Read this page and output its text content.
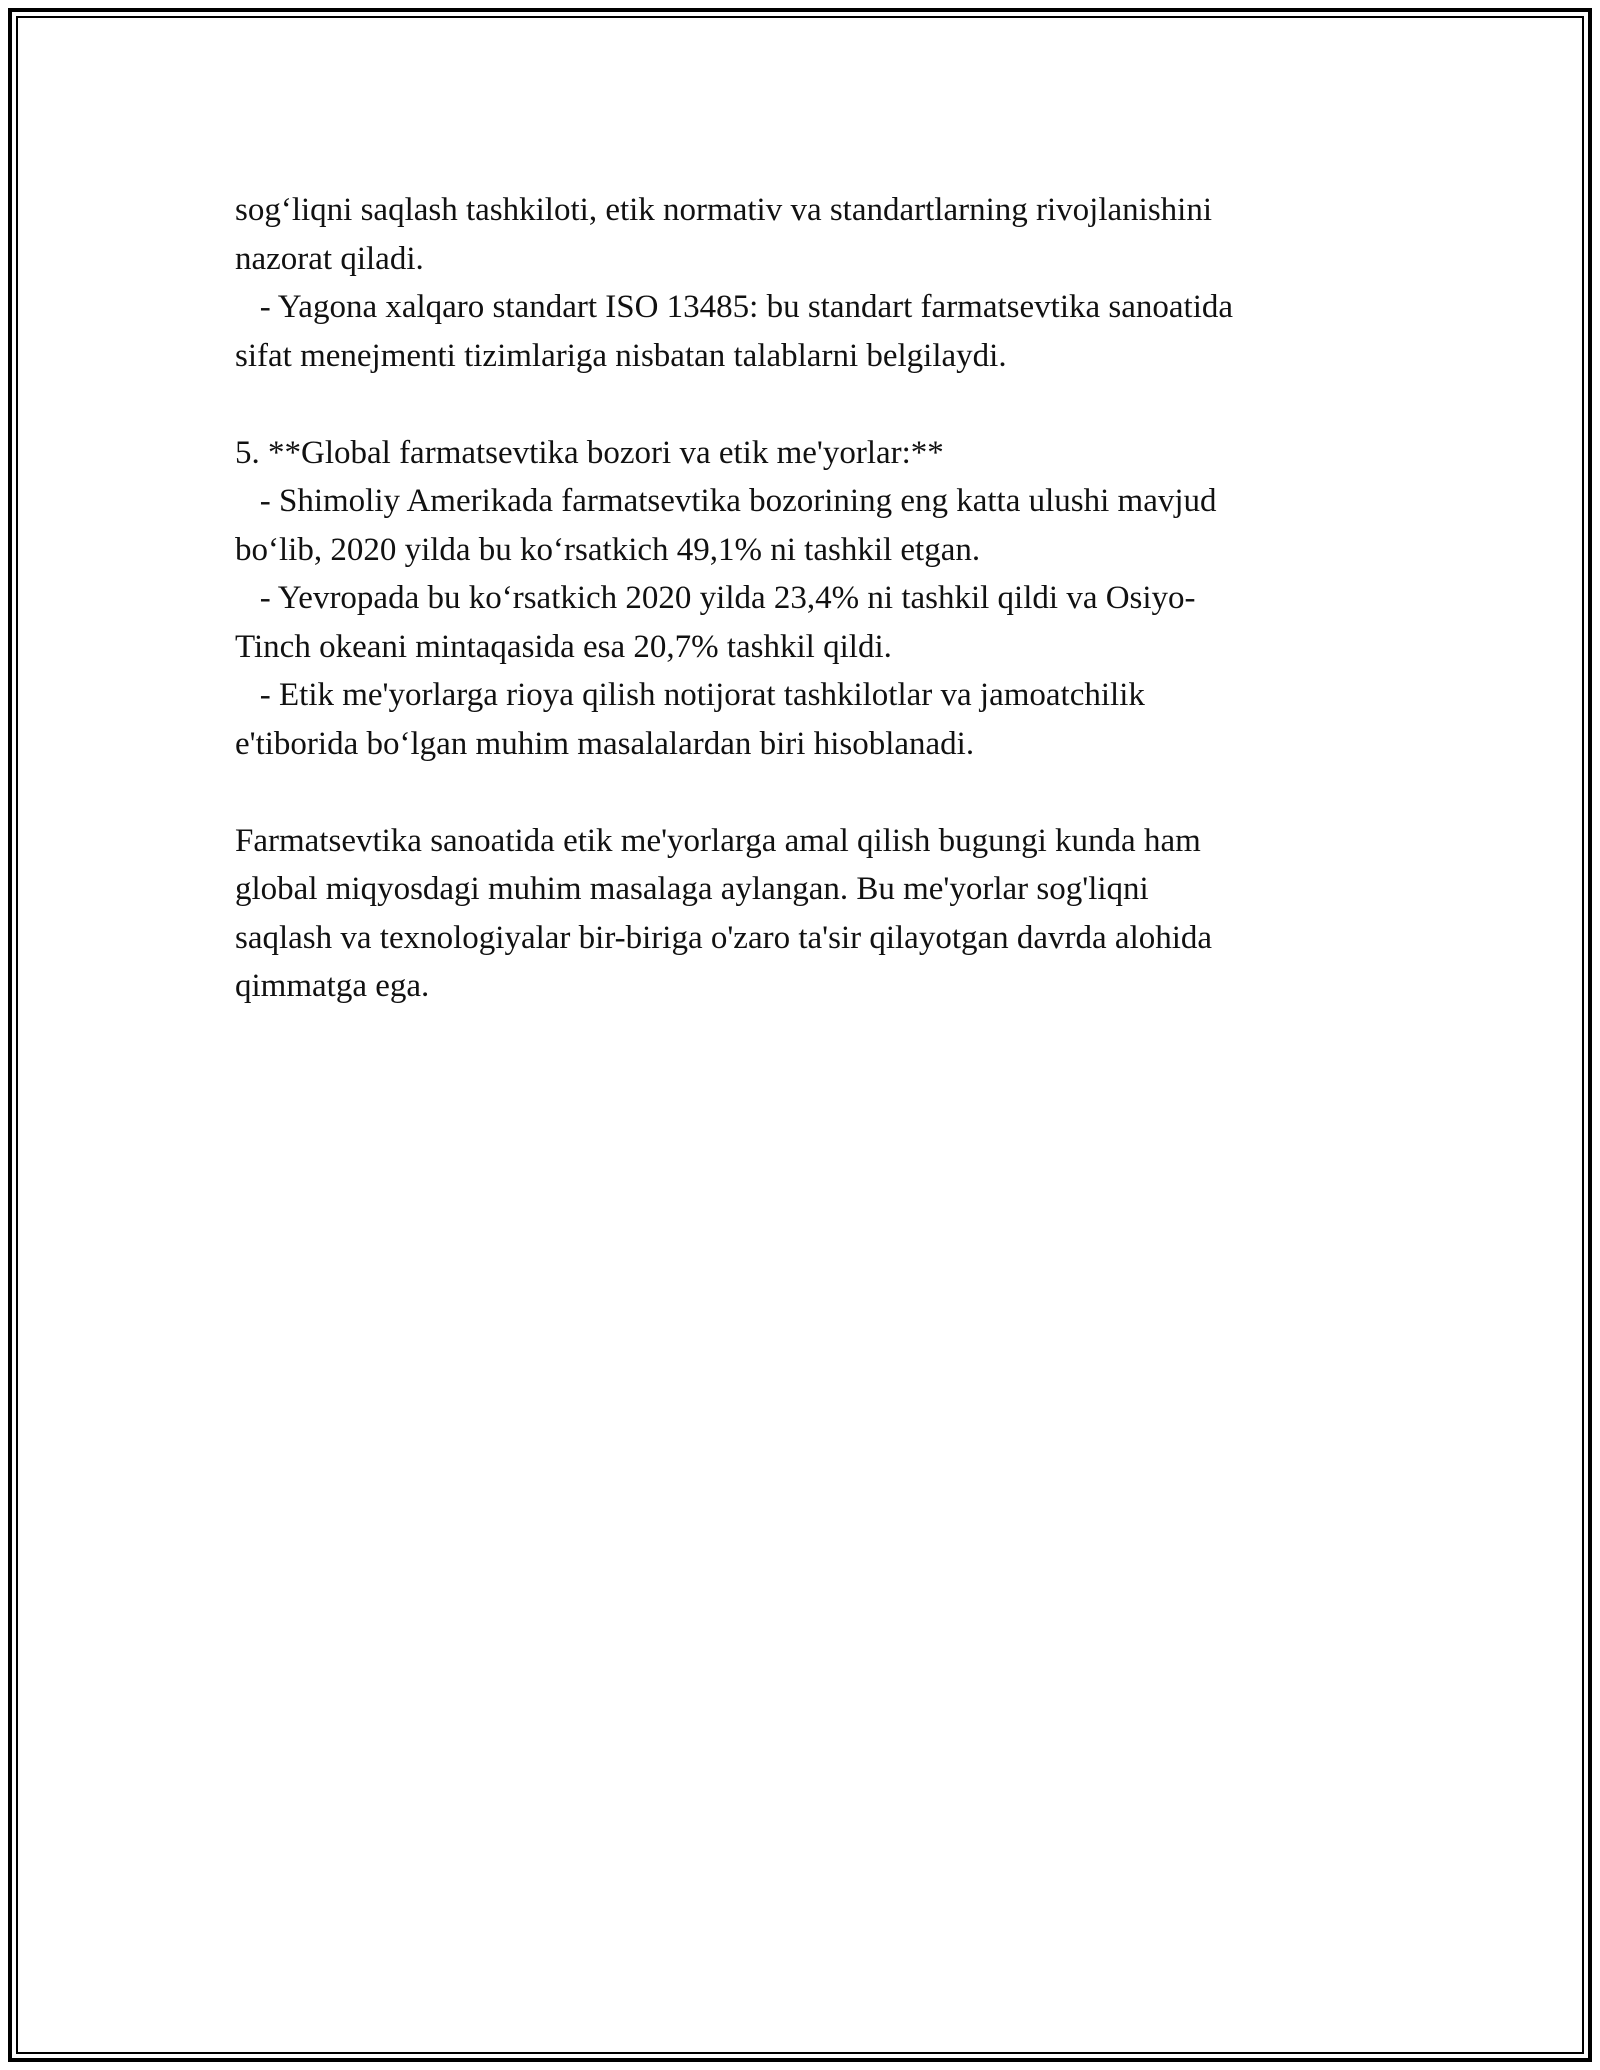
sog‘liqni saqlash tashkiloti, etik normativ va standartlarning rivojlanishini
nazorat qiladi.
- Yagona xalqaro standart ISO 13485: bu standart farmatsevtika sanoatida
sifat menejmenti tizimlariga nisbatan talablarni belgilaydi.
5. **Global farmatsevtika bozori va etik me'yorlar:**
- Shimoliy Amerikada farmatsevtika bozorining eng katta ulushi mavjud
bo‘lib, 2020 yilda bu ko‘rsatkich 49,1% ni tashkil etgan.
- Yevropada bu ko‘rsatkich 2020 yilda 23,4% ni tashkil qildi va Osiyo-
Tinch okeani mintaqasida esa 20,7% tashkil qildi.
- Etik me'yorlarga rioya qilish notijorat tashkilotlar va jamoatchilik
e'tiborida bo‘lgan muhim masalalardan biri hisoblanadi.
Farmatsevtika sanoatida etik me'yorlarga amal qilish bugungi kunda ham
global miqyosdagi muhim masalaga aylangan. Bu me'yorlar sog'liqni
saqlash va texnologiyalar bir-biriga o'zaro ta'sir qilayotgan davrda alohida
qimmatga ega.
